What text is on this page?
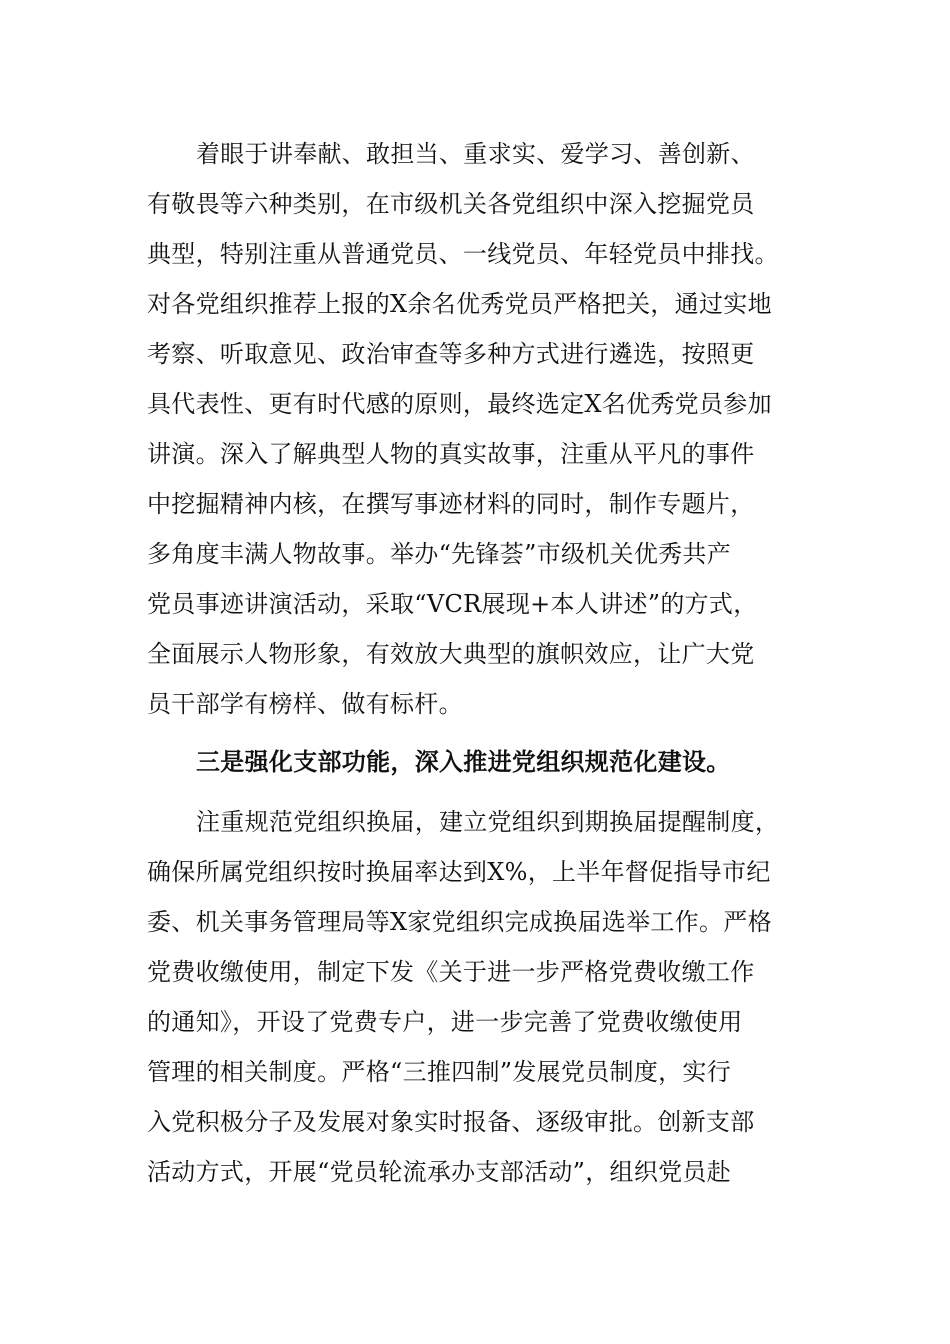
着眼于讲奉献、敢担当、重求实、爱学习、善创新、
有敬畏等六种类别，在市级机关各党组织中深入挖掘党员
典型，特别注重从普通党员、一线党员、年轻党员中排找。
对各党组织推荐上报的X余名优秀党员严格把关，通过实地
考察、听取意见、政治审查等多种方式进行遴选，按照更
具代表性、更有时代感的原则，最终选定X名优秀党员参加
讲演。深入了解典型人物的真实故事，注重从平凡的事件
中挖掘精神内核，在撰写事迹材料的同时，制作专题片，
多角度丰满人物故事。举办“先锋荟”市级机关优秀共产
党员事迹讲演活动，采取“VCR展现+本人讲述”的方式，
全面展示人物形象，有效放大典型的旗帜效应，让广大党
员干部学有榜样、做有标杆。
三是强化支部功能，深入推进党组织规范化建设。
注重规范党组织换届，建立党组织到期换届提醒制度，
确保所属党组织按时换届率达到X%，上半年督促指导市纪
委、机关事务管理局等X家党组织完成换届选举工作。严格
党费收缴使用，制定下发《关于进一步严格党费收缴工作
的通知》，开设了党费专户，进一步完善了党费收缴使用
管理的相关制度。严格“三推四制”发展党员制度，实行
入党积极分子及发展对象实时报备、逐级审批。创新支部
活动方式，开展“党员轮流承办支部活动”，组织党员赴
